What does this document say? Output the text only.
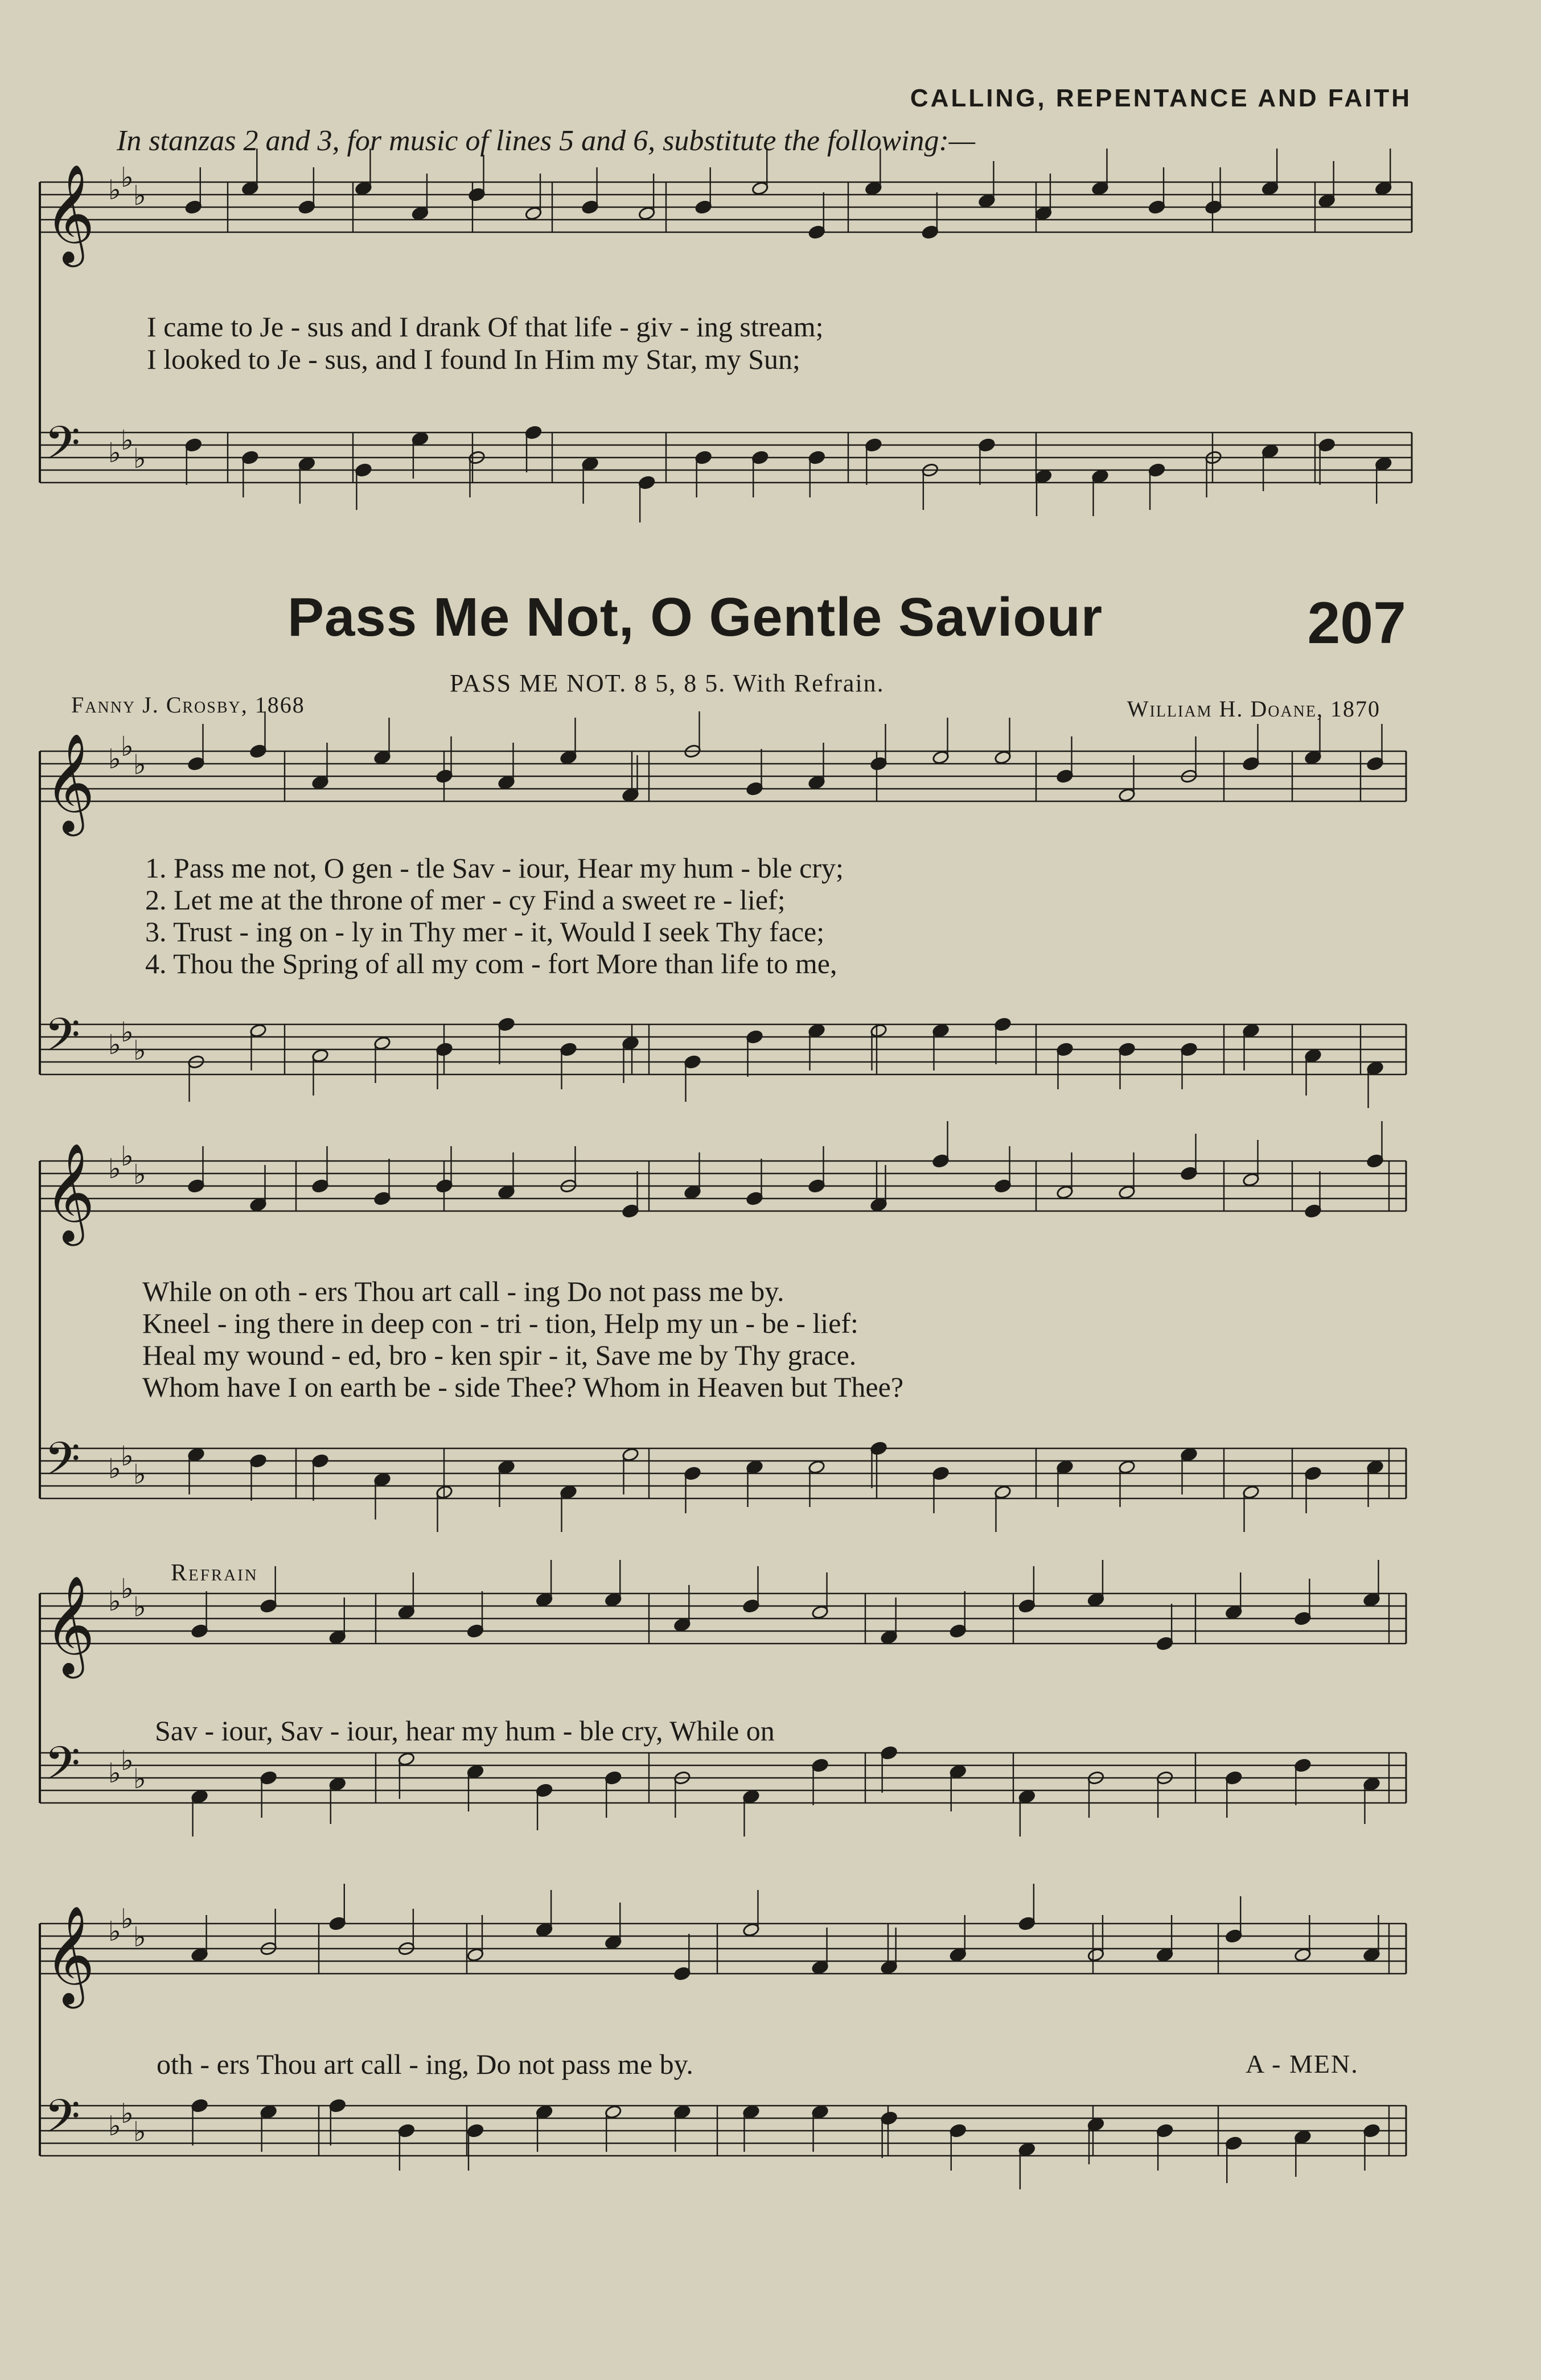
𝄞 ♭ ♭
♭
𝄢 ♭ ♭
♭
𝄞 ♭ ♭
♭
𝄢 ♭ ♭
♭
𝄞 ♭ ♭
♭
𝄢 ♭ ♭
♭
𝄞 ♭ ♭
♭
𝄢 ♭ ♭
♭
𝄞 ♭ ♭
♭
𝄢 ♭ ♭
♭
CALLING, REPENTANCE AND FAITH
In stanzas 2 and 3, for music of lines 5 and 6, substitute the following:—
I came to Je - sus and I drank Of that life - giv - ing stream;
I looked to Je - sus, and I found In Him my Star, my Sun;
Pass Me Not, O Gentle Saviour	207
PASS ME NOT. 8 5, 8 5. With Refrain.
Fanny J. Crosby, 1868	William H. Doane, 1870
1. Pass me not, O gen - tle Sav - iour, Hear my hum - ble cry;
2. Let me at the throne of mer - cy Find a sweet re - lief;
3. Trust - ing on - ly in Thy mer - it, Would I seek Thy face;
4. Thou the Spring of all my com - fort More than life to me,
While on oth - ers Thou art call - ing Do not pass me by.
Kneel - ing there in deep con - tri - tion, Help my un - be - lief:
Heal my wound - ed, bro - ken spir - it, Save me by Thy grace.
Whom have I on earth be - side Thee? Whom in Heaven but Thee?
Refrain
Sav - iour, Sav - iour, hear my hum - ble cry, While on
oth - ers Thou art call - ing, Do not pass me by.	A - MEN.
